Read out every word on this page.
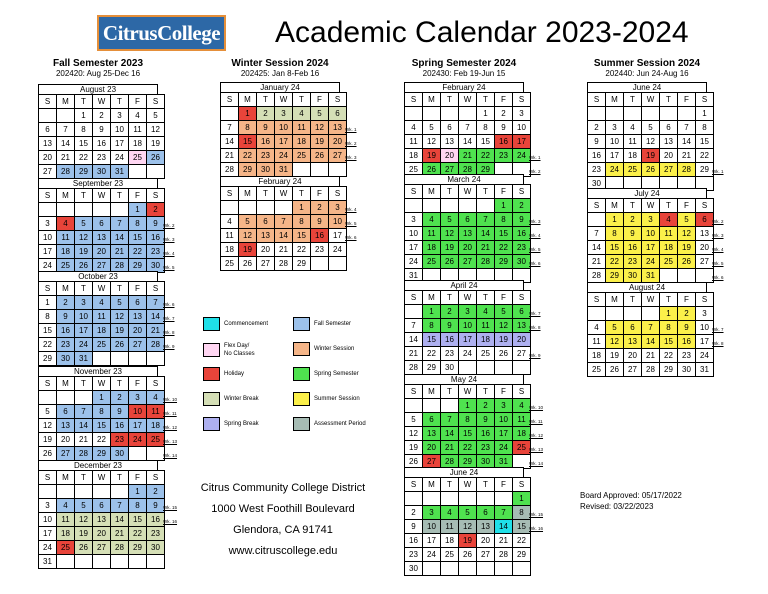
CitrusCollege Academic Calendar 2023-2024
Fall Semester 2023
202420: Aug 25-Dec 16
Winter Session 2024
202425: Jan 8-Feb 16
Spring Semester 2024
202430: Feb 19-Jun 15
Summer Session 2024
202440: Jun 24-Aug 16
August 23
S	M	T	W	T	F	S
		1	2	3	4	5
6	7	8	9	10	11	12
13	14	15	16	17	18	19
20	21	22	23	24	25	26
27	28	29	30	31		
September 23
Wk. 2
Wk. 3
Wk. 4
Wk. 5
S	M	T	W	T	F	S
					1	2
3	4	5	6	7	8	9
10	11	12	13	14	15	16
17	18	19	20	21	22	23
24	25	26	27	28	29	30
October 23
Wk. 6
Wk. 7
Wk. 8
Wk. 9
S	M	T	W	T	F	S
1	2	3	4	5	6	7
8	9	10	11	12	13	14
15	16	17	18	19	20	21
22	23	24	25	26	27	28
29	30	31				
November 23
Wk. 10
Wk. 11
Wk. 12
Wk. 13
Wk. 14
S	M	T	W	T	F	S
			1	2	3	4
5	6	7	8	9	10	11
12	13	14	15	16	17	18
19	20	21	22	23	24	25
26	27	28	29	30		
December 23
Wk. 15
Wk. 16
S	M	T	W	T	F	S
					1	2
3	4	5	6	7	8	9
10	11	12	13	14	15	16
17	18	19	20	21	22	23
24	25	26	27	28	29	30
31						
January 24
Wk. 1
Wk. 2
Wk. 3
S	M	T	W	T	F	S
	1	2	3	4	5	6
7	8	9	10	11	12	13
14	15	16	17	18	19	20
21	22	23	24	25	26	27
28	29	30	31			
February 24
Wk. 4
Wk. 5
Wk. 6
S	M	T	W	T	F	S
				1	2	3
4	5	6	7	8	9	10
11	12	13	14	15	16	17
18	19	20	21	22	23	24
25	26	27	28	29		
February 24
Wk. 1
Wk. 2
S	M	T	W	T	F	S
				1	2	3
4	5	6	7	8	9	10
11	12	13	14	15	16	17
18	19	20	21	22	23	24
25	26	27	28	29		
March 24
Wk. 3
Wk. 4
Wk. 5
Wk. 6
S	M	T	W	T	F	S
					1	2
3	4	5	6	7	8	9
10	11	12	13	14	15	16
17	18	19	20	21	22	23
24	25	26	27	28	29	30
31						
April 24
Wk. 7
Wk. 8
Wk. 9
S	M	T	W	T	F	S
	1	2	3	4	5	6
7	8	9	10	11	12	13
14	15	16	17	18	19	20
21	22	23	24	25	26	27
28	29	30				
May 24
Wk. 10
Wk. 11
Wk. 12
Wk. 13
Wk. 14
S	M	T	W	T	F	S
			1	2	3	4
5	6	7	8	9	10	11
12	13	14	15	16	17	18
19	20	21	22	23	24	25
26	27	28	29	30	31	
June 24
Wk. 15
Wk. 16
S	M	T	W	T	F	S
						1
2	3	4	5	6	7	8
9	10	11	12	13	14	15
16	17	18	19	20	21	22
23	24	25	26	27	28	29
30						
June 24
Wk. 1
S	M	T	W	T	F	S
						1
2	3	4	5	6	7	8
9	10	11	12	13	14	15
16	17	18	19	20	21	22
23	24	25	26	27	28	29
30						
July 24
Wk. 2
Wk. 3
Wk. 4
Wk. 5
Wk. 6
S	M	T	W	T	F	S
	1	2	3	4	5	6
7	8	9	10	11	12	13
14	15	16	17	18	19	20
21	22	23	24	25	26	27
28	29	30	31			
August 24
Wk. 7
Wk. 8
S	M	T	W	T	F	S
				1	2	3
4	5	6	7	8	9	10
11	12	13	14	15	16	17
18	19	20	21	22	23	24
25	26	27	28	29	30	31
Commencement
Flex Day/
No Classes
Holiday
Winter Break
Spring Break
Fall Semester
Winter Session
Spring Semester
Summer Session
Assessment Period
Citrus Community College District
1000 West Foothill Boulevard
Glendora, CA 91741
www.citruscollege.edu
Board Approved: 05/17/2022
Revised: 03/22/2023
